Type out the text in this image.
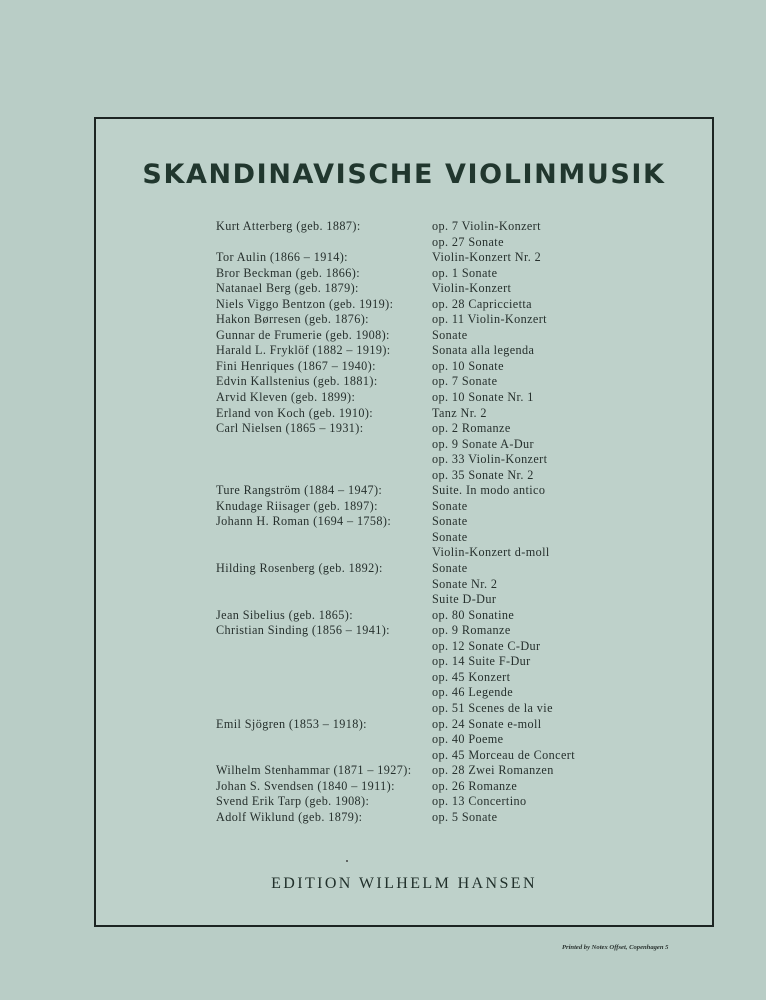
SKANDINAVISCHE VIOLINMUSIK
Kurt Atterberg (geb. 1887):	op. 7 Violin-Konzert
op. 27 Sonate
Tor Aulin (1866 – 1914):	Violin-Konzert Nr. 2
Bror Beckman (geb. 1866):	op. 1 Sonate
Natanael Berg (geb. 1879):	Violin-Konzert
Niels Viggo Bentzon (geb. 1919):	op. 28 Capriccietta
Hakon Børresen (geb. 1876):	op. 11 Violin-Konzert
Gunnar de Frumerie (geb. 1908):	Sonate
Harald L. Fryklöf (1882 – 1919):	Sonata alla legenda
Fini Henriques (1867 – 1940):	op. 10 Sonate
Edvin Kallstenius (geb. 1881):	op. 7 Sonate
Arvid Kleven (geb. 1899):	op. 10 Sonate Nr. 1
Erland von Koch (geb. 1910):	Tanz Nr. 2
Carl Nielsen (1865 – 1931):	op. 2 Romanze
op. 9 Sonate A-Dur
op. 33 Violin-Konzert
op. 35 Sonate Nr. 2
Ture Rangström (1884 – 1947):	Suite. In modo antico
Knudage Riisager (geb. 1897):	Sonate
Johann H. Roman (1694 – 1758):	Sonate
Sonate
Violin-Konzert d-moll
Hilding Rosenberg (geb. 1892):	Sonate
Sonate Nr. 2
Suite D-Dur
Jean Sibelius (geb. 1865):	op. 80 Sonatine
Christian Sinding (1856 – 1941):	op. 9 Romanze
op. 12 Sonate C-Dur
op. 14 Suite F-Dur
op. 45 Konzert
op. 46 Legende
op. 51 Scenes de la vie
Emil Sjögren (1853 – 1918):	op. 24 Sonate e-moll
op. 40 Poeme
op. 45 Morceau de Concert
Wilhelm Stenhammar (1871 – 1927):	op. 28 Zwei Romanzen
Johan S. Svendsen (1840 – 1911):	op. 26 Romanze
Svend Erik Tarp (geb. 1908):	op. 13 Concertino
Adolf Wiklund (geb. 1879):	op. 5 Sonate
EDITION WILHELM HANSEN
Printed by Notex Offset, Copenhagen 5
